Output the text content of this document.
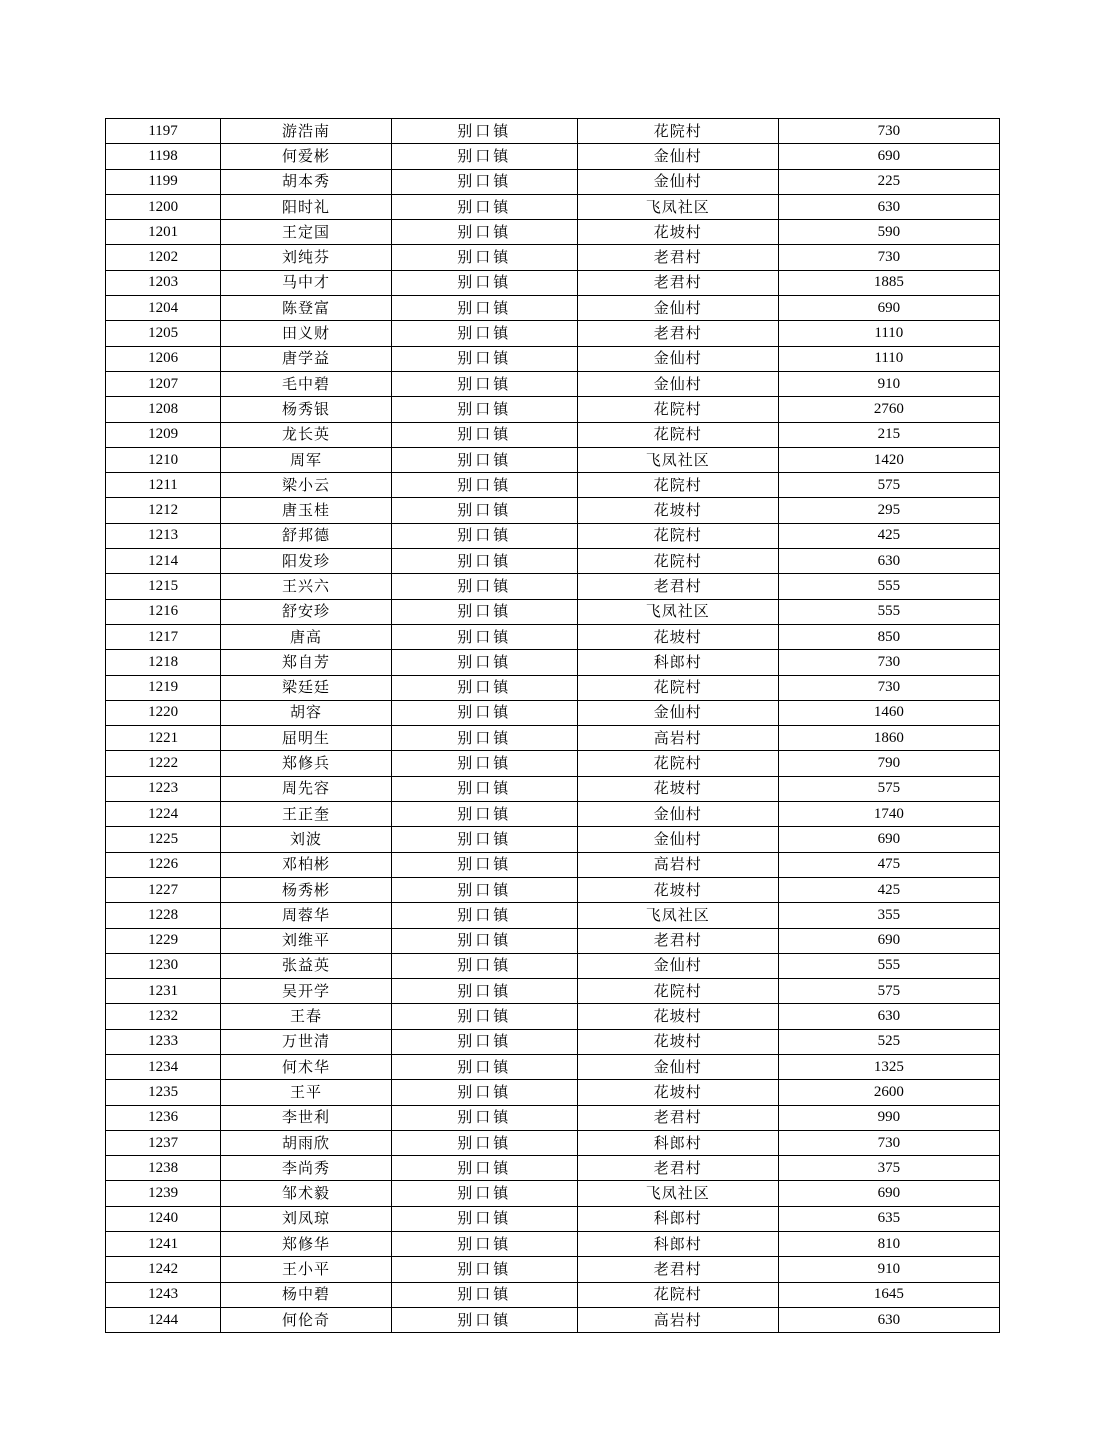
1197	游浩南	别口镇	花院村	730
1198	何爱彬	别口镇	金仙村	690
1199	胡本秀	别口镇	金仙村	225
1200	阳时礼	别口镇	飞凤社区	630
1201	王定国	别口镇	花坡村	590
1202	刘纯芬	别口镇	老君村	730
1203	马中才	别口镇	老君村	1885
1204	陈登富	别口镇	金仙村	690
1205	田义财	别口镇	老君村	1110
1206	唐学益	别口镇	金仙村	1110
1207	毛中碧	别口镇	金仙村	910
1208	杨秀银	别口镇	花院村	2760
1209	龙长英	别口镇	花院村	215
1210	周军	别口镇	飞凤社区	1420
1211	梁小云	别口镇	花院村	575
1212	唐玉桂	别口镇	花坡村	295
1213	舒邦德	别口镇	花院村	425
1214	阳发珍	别口镇	花院村	630
1215	王兴六	别口镇	老君村	555
1216	舒安珍	别口镇	飞凤社区	555
1217	唐高	别口镇	花坡村	850
1218	郑自芳	别口镇	科郎村	730
1219	梁廷廷	别口镇	花院村	730
1220	胡容	别口镇	金仙村	1460
1221	屈明生	别口镇	高岩村	1860
1222	郑修兵	别口镇	花院村	790
1223	周先容	别口镇	花坡村	575
1224	王正奎	别口镇	金仙村	1740
1225	刘波	别口镇	金仙村	690
1226	邓柏彬	别口镇	高岩村	475
1227	杨秀彬	别口镇	花坡村	425
1228	周蓉华	别口镇	飞凤社区	355
1229	刘维平	别口镇	老君村	690
1230	张益英	别口镇	金仙村	555
1231	吴开学	别口镇	花院村	575
1232	王春	别口镇	花坡村	630
1233	万世清	别口镇	花坡村	525
1234	何术华	别口镇	金仙村	1325
1235	王平	别口镇	花坡村	2600
1236	李世利	别口镇	老君村	990
1237	胡雨欣	别口镇	科郎村	730
1238	李尚秀	别口镇	老君村	375
1239	邹术毅	别口镇	飞凤社区	690
1240	刘凤琼	别口镇	科郎村	635
1241	郑修华	别口镇	科郎村	810
1242	王小平	别口镇	老君村	910
1243	杨中碧	别口镇	花院村	1645
1244	何伦奇	别口镇	高岩村	630
